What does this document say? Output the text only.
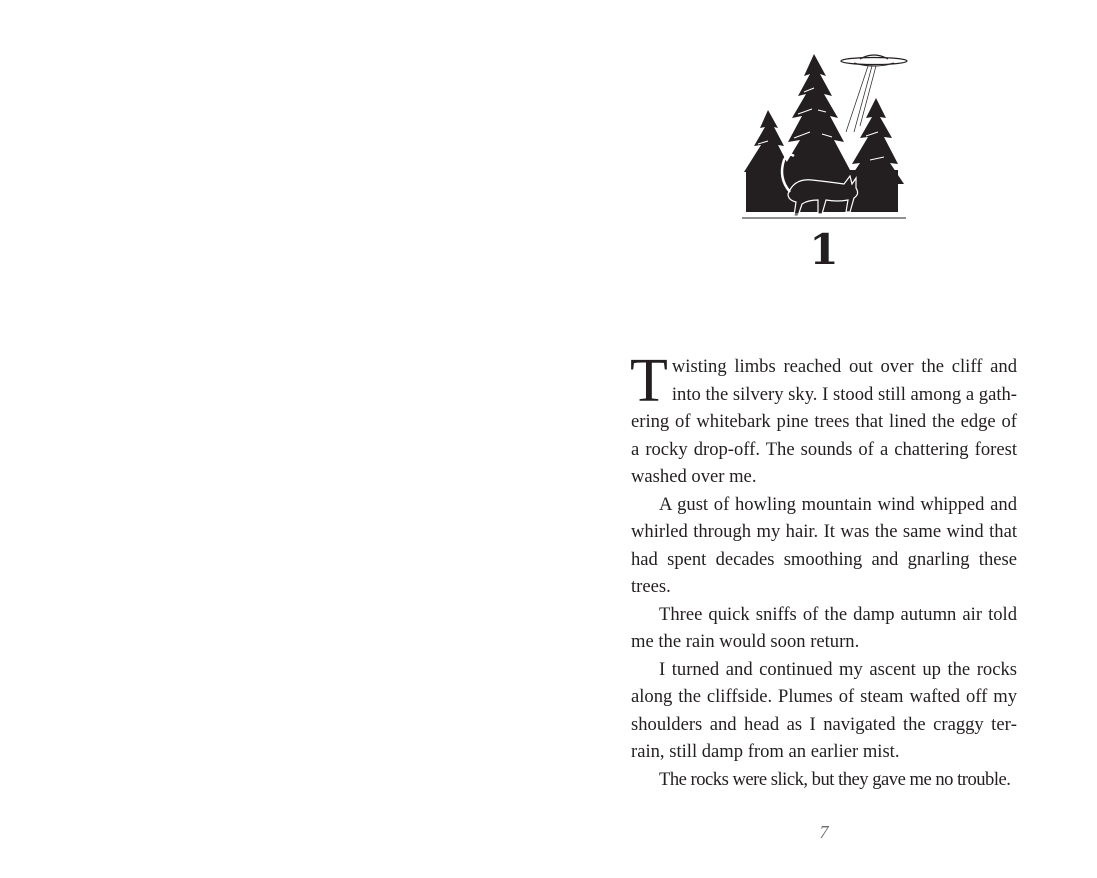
1

Twisting limbs reached out over the cliff and into the silvery sky. I stood still among a gathering of whitebark pine trees that lined the edge of a rocky drop-off. The sounds of a chattering forest washed over me.

A gust of howling mountain wind whipped and whirled through my hair. It was the same wind that had spent decades smoothing and gnarling these trees.

Three quick sniffs of the damp autumn air told me the rain would soon return.

I turned and continued my ascent up the rocks along the cliffside. Plumes of steam wafted off my shoulders and head as I navigated the craggy terrain, still damp from an earlier mist.

The rocks were slick, but they gave me no trouble.

7
